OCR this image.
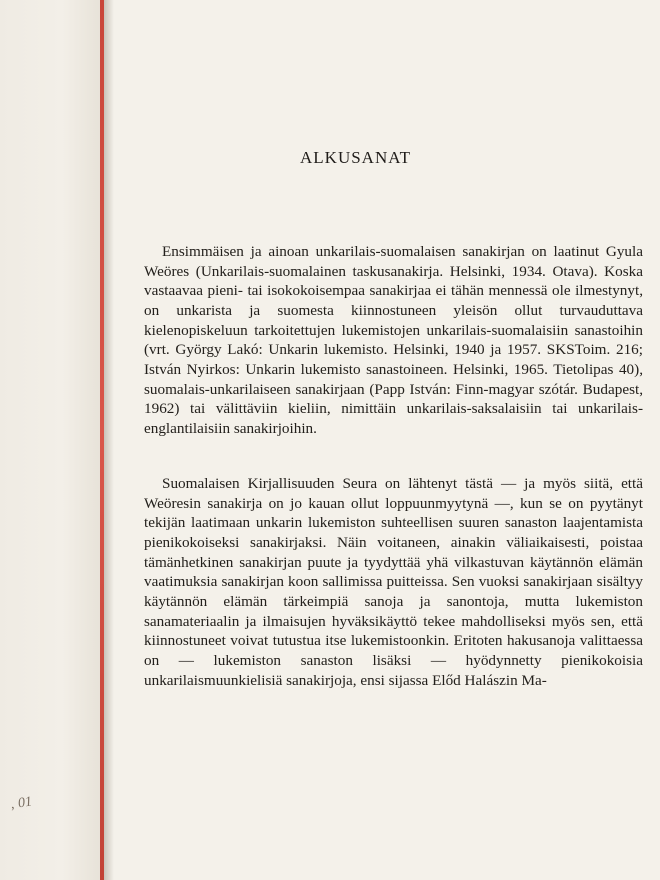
‚ 01
ALKUSANAT

Ensimmäisen ja ainoan unkarilais-suomalaisen sanakirjan on laatinut Gyula Weöres (Unkarilais-suomalainen taskusanakirja. Helsinki, 1934. Otava). Koska vastaavaa pieni- tai isokokoisempaa sanakirjaa ei tähän mennessä ole ilmestynyt, on unkarista ja suomesta kiinnostuneen yleisön ollut turvauduttava kielenopiskeluun tarkoitettujen lukemistojen unkarilais-suomalaisiin sanastoihin (vrt. György Lakó: Unkarin lukemisto. Helsinki, 1940 ja 1957. SKSToim. 216; István Nyirkos: Unkarin lukemisto sanastoineen. Helsinki, 1965. Tietolipas 40), suomalais-unkarilaiseen sanakirjaan (Papp István: Finn-magyar szótár. Budapest, 1962) tai välittäviin kieliin, nimittäin unkarilais-saksalaisiin tai unkarilais-englantilaisiin sanakirjoihin.

Suomalaisen Kirjallisuuden Seura on lähtenyt tästä — ja myös siitä, että Weöresin sanakirja on jo kauan ollut loppuunmyytynä —, kun se on pyytänyt tekijän laatimaan unkarin lukemiston suhteellisen suuren sanaston laajentamista pienikokoiseksi sanakirjaksi. Näin voitaneen, ainakin väliaikaisesti, poistaa tämänhetkinen sanakirjan puute ja tyydyttää yhä vilkastuvan käytännön elämän vaatimuksia sanakirjan koon sallimissa puitteissa. Sen vuoksi sanakirjaan sisältyy käytännön elämän tärkeimpiä sanoja ja sanontoja, mutta lukemiston sanamateriaalin ja ilmaisujen hyväksikäyttö tekee mahdolliseksi myös sen, että kiinnostuneet voivat tutustua itse lukemistoonkin. Eritoten hakusanoja valittaessa on — lukemiston sanaston lisäksi — hyödynnetty pienikokoisia unkarilaismuunkielisiä sanakirjoja, ensi sijassa Előd Halászin Ma-
